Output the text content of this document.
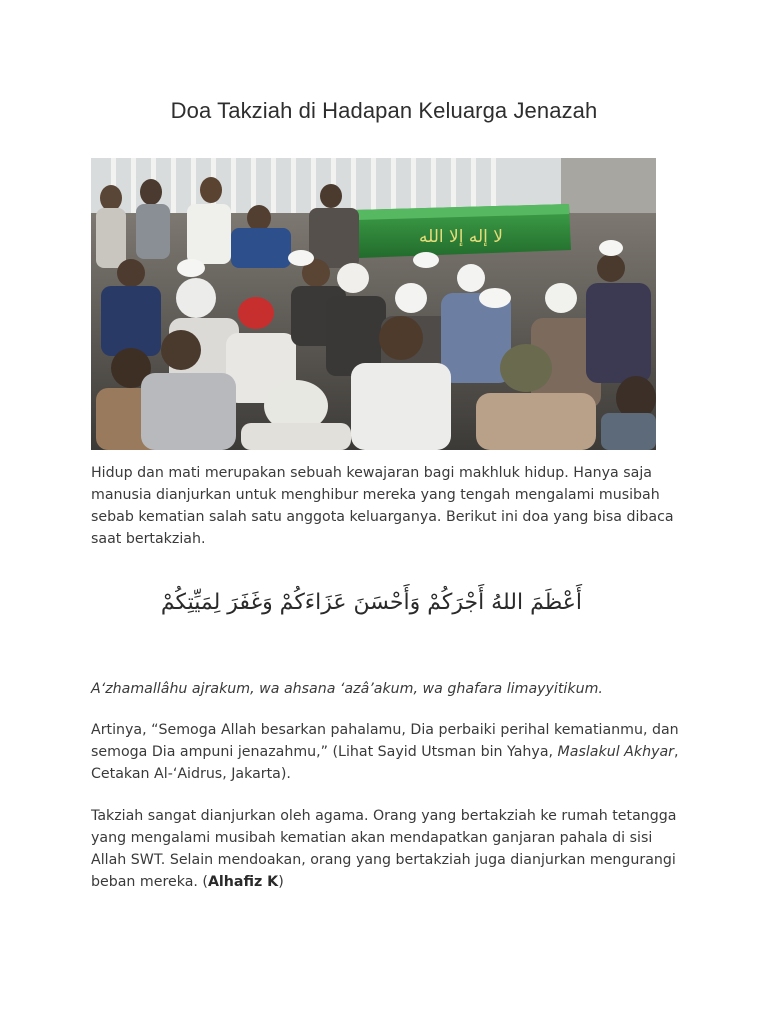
Doa Takziah di Hadapan Keluarga Jenazah
لا إله إلا الله

Hidup dan mati merupakan sebuah kewajaran bagi makhluk hidup. Hanya saja manusia dianjurkan untuk menghibur mereka yang tengah mengalami musibah sebab kematian salah satu anggota keluarganya. Berikut ini doa yang bisa dibaca saat bertakziah.

أَعْظَمَ اللهُ أَجْرَكُمْ وَأَحْسَنَ عَزَاءَكُمْ وَغَفَرَ لِمَيِّتِكُمْ

A‘zhamallâhu ajrakum, wa ahsana ‘azâ’akum, wa ghafara limayyitikum.

Artinya, “Semoga Allah besarkan pahalamu, Dia perbaiki perihal kematianmu, dan semoga Dia ampuni jenazahmu,” (Lihat Sayid Utsman bin Yahya, Maslakul Akhyar, Cetakan Al-‘Aidrus, Jakarta).

Takziah sangat dianjurkan oleh agama. Orang yang bertakziah ke rumah tetangga yang mengalami musibah kematian akan mendapatkan ganjaran pahala di sisi Allah SWT. Selain mendoakan, orang yang bertakziah juga dianjurkan mengurangi beban mereka. (Alhafiz K)
